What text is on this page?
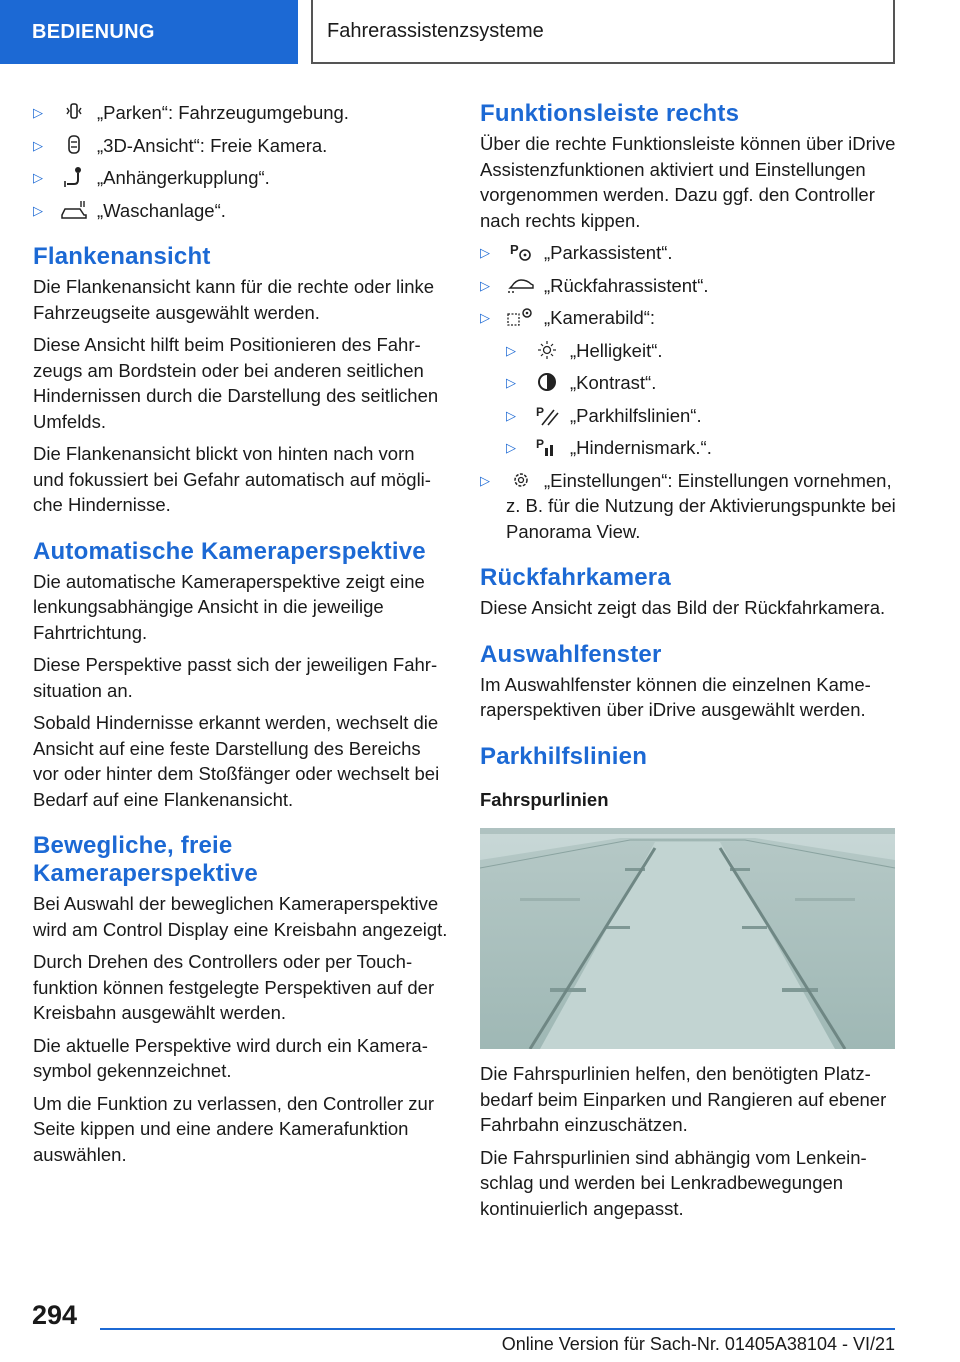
BEDIENUNG	Fahrerassistenzsysteme
▷	„Parken“: Fahrzeugumgebung.
▷	„3D-Ansicht“: Freie Kamera.
▷	„Anhängerkupplung“.
▷	„Waschanlage“.
Flankenansicht

Die Flankenansicht kann für die rechte oder linke Fahrzeugseite ausgewählt werden.

Diese Ansicht hilft beim Positionieren des Fahrzeugs am Bordstein oder bei anderen seitlichen Hindernissen durch die Darstellung des seitlichen Umfelds.

Die Flankenansicht blickt von hinten nach vorn und fokussiert bei Gefahr automatisch auf mögliche Hindernisse.

Automatische Kameraperspektive

Die automatische Kameraperspektive zeigt eine lenkungsabhängige Ansicht in die jeweilige Fahrtrichtung.

Diese Perspektive passt sich der jeweiligen Fahrsituation an.

Sobald Hindernisse erkannt werden, wechselt die Ansicht auf eine feste Darstellung des Bereichs vor oder hinter dem Stoßfänger oder wechselt bei Bedarf auf eine Flankenansicht.

Bewegliche, freie Kameraperspektive

Bei Auswahl der beweglichen Kameraperspektive wird am Control Display eine Kreisbahn angezeigt.

Durch Drehen des Controllers oder per Touchfunktion können festgelegte Perspektiven auf der Kreisbahn ausgewählt werden.

Die aktuelle Perspektive wird durch ein Kamerasymbol gekennzeichnet.

Um die Funktion zu verlassen, den Controller zur Seite kippen und eine andere Kamerafunktion auswählen.

Funktionsleiste rechts

Über die rechte Funktionsleiste können über iDrive Assistenzfunktionen aktiviert und Einstellungen vorgenommen werden. Dazu ggf. den Controller nach rechts kippen.

▷ P „Parkassistent“.
▷	„Rückfahrassistent“.
▷	„Kamerabild“:
▷	„Helligkeit“.
▷	„Kontrast“.
▷ P „Parkhilfslinien“.
▷ P „Hindernismark.“.
▷	„Einstellungen“: Einstellungen vornehmen, z. B. für die Nutzung der Aktivierungspunkte bei Panorama View.
Rückfahrkamera

Diese Ansicht zeigt das Bild der Rückfahrkamera.

Auswahlfenster

Im Auswahlfenster können die einzelnen Kameraperspektiven über iDrive ausgewählt werden.

Parkhilfslinien
Fahrspurlinien

Die Fahrspurlinien helfen, den benötigten Platzbedarf beim Einparken und Rangieren auf ebener Fahrbahn einzuschätzen.

Die Fahrspurlinien sind abhängig vom Lenkeinschlag und werden bei Lenkradbewegungen kontinuierlich angepasst.

294
Online Version für Sach-Nr. 01405A38104 - VI/21
